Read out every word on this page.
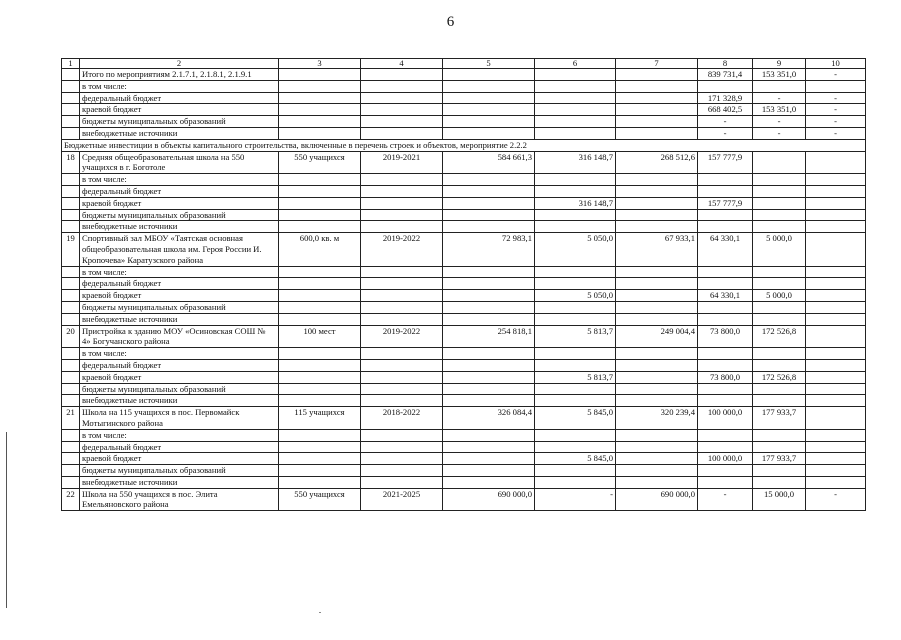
6
1	2	3	4	5	6	7	8	9	10
	Итого по мероприятиям 2.1.7.1, 2.1.8.1, 2.1.9.1						839 731,4	153 351,0	-
	в том числе:								
	федеральный бюджет						171 328,9	-	-
	краевой бюджет						668 402,5	153 351,0	-
	бюджеты муниципальных образований						-	-	-
	внебюджетные источники						-	-	-
Бюджетные инвестиции в объекты капитального строительства, включенные в перечень строек и объектов, мероприятие 2.2.2									
18	Средняя общеобразовательная школа на 550 учащихся в г. Боготоле	550 учащихся	2019-2021	584 661,3	316 148,7	268 512,6	157 777,9		
	в том числе:								
	федеральный бюджет								
	краевой бюджет				316 148,7		157 777,9		
	бюджеты муниципальных образований								
	внебюджетные источники								
19	Спортивный зал МБОУ «Таятская основная общеобразовательная школа им. Героя России И. Кропочева» Каратузского района	600,0 кв. м	2019-2022	72 983,1	5 050,0	67 933,1	64 330,1	5 000,0	
	в том числе:								
	федеральный бюджет								
	краевой бюджет				5 050,0		64 330,1	5 000,0	
	бюджеты муниципальных образований								
	внебюджетные источники								
20	Пристройка к зданию МОУ «Осиновская СОШ № 4» Богучанского района	100 мест	2019-2022	254 818,1	5 813,7	249 004,4	73 800,0	172 526,8	
	в том числе:								
	федеральный бюджет								
	краевой бюджет				5 813,7		73 800,0	172 526,8	
	бюджеты муниципальных образований								
	внебюджетные источники								
21	Школа на 115 учащихся в пос. Первомайск Мотыгинского района	115 учащихся	2018-2022	326 084,4	5 845,0	320 239,4	100 000,0	177 933,7	
	в том числе:								
	федеральный бюджет								
	краевой бюджет				5 845,0		100 000,0	177 933,7	
	бюджеты муниципальных образований								
	внебюджетные источники								
22	Школа на 550 учащихся в пос. Элита Емельяновского района	550 учащихся	2021-2025	690 000,0	-	690 000,0	-	15 000,0	-
